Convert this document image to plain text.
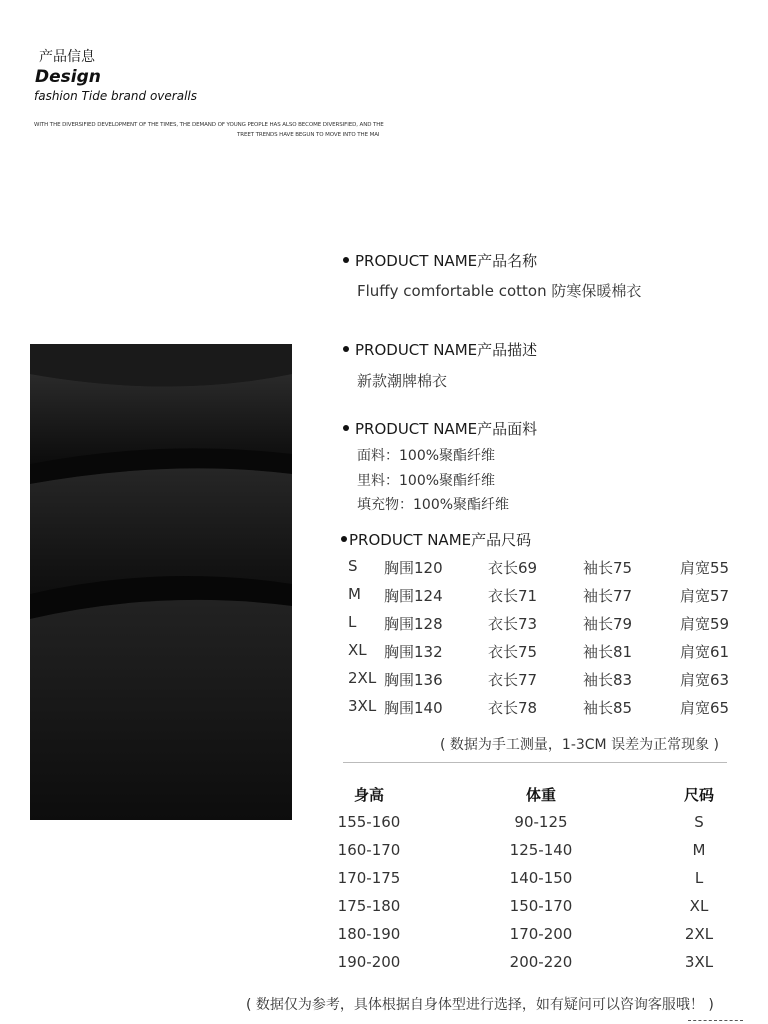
产品信息
Design
fashion Tide brand overalls
WITH THE DIVERSIFIED DEVELOPMENT OF THE TIMES, THE DEMAND OF YOUNG PEOPLE HAS ALSO BECOME DIVERSIFIED, AND THE
TREET TRENDS HAVE BEGUN TO MOVE INTO THE MAI
PRODUCT NAME产品名称
Fluffy comfortable cotton 防寒保暖棉衣
PRODUCT NAME产品描述
新款潮牌棉衣
PRODUCT NAME产品面料
面料：100%聚酯纤维
里料：100%聚酯纤维
填充物：100%聚酯纤维
PRODUCT NAME产品尺码
S 胸围120	衣长69	袖长75	肩宽55
M 胸围124	衣长71	袖长77	肩宽57
L 胸围128	衣长73	袖长79	肩宽59
XL 胸围132	衣长75	袖长81	肩宽61
2XL 胸围136	衣长77	袖长83	肩宽63
3XL 胸围140	衣长78	袖长85	肩宽65
( 数据为手工测量，1-3CM 误差为正常现象 )
身高	体重	尺码
155-160	90-125	S
160-170	125-140	M
170-175	140-150	L
175-180	150-170	XL
180-190	170-200	2XL
190-200	200-220	3XL
( 数据仅为参考，具体根据自身体型进行选择，如有疑问可以咨询客服哦！ )
